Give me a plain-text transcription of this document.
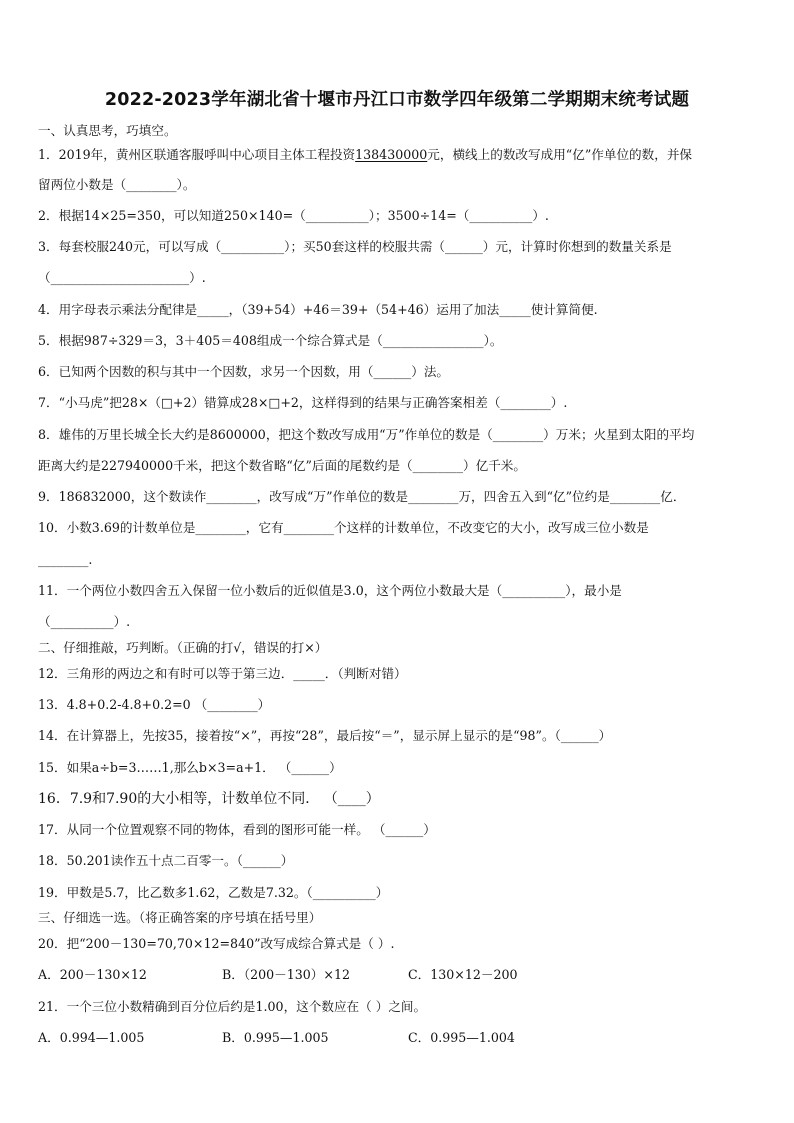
2022-2023学年湖北省十堰市丹江口市数学四年级第二学期期末统考试题
一、认真思考，巧填空。
1．2019年，黄州区联通客服呼叫中心项目主体工程投资138430000元，横线上的数改写成用“亿”作单位的数，并保
留两位小数是（________）。
2．根据14×25=350，可以知道250×140=（__________）；3500÷14=（__________）.
3．每套校服240元，可以写成（__________）；买50套这样的校服共需（______）元，计算时你想到的数量关系是
（______________________）.
4．用字母表示乘法分配律是_____，（39+54）+46＝39+（54+46）运用了加法_____使计算简便.
5．根据987÷329＝3，3＋405＝408组成一个综合算式是（________________）。
6．已知两个因数的积与其中一个因数，求另一个因数，用（______）法。
7．“小马虎”把28×（□+2）错算成28×□+2，这样得到的结果与正确答案相差（________）.
8．雄伟的万里长城全长大约是8600000，把这个数改写成用“万”作单位的数是（________）万米；火星到太阳的平均
距离大约是227940000千米，把这个数省略“亿”后面的尾数约是（________）亿千米。
9．186832000，这个数读作________，改写成“万”作单位的数是________万，四舍五入到“亿”位约是________亿．
10．小数3.69的计数单位是________，它有________个这样的计数单位，不改变它的大小，改写成三位小数是
________.
11．一个两位小数四舍五入保留一位小数后的近似值是3.0，这个两位小数最大是（__________），最小是
（__________）.
二、仔细推敲，巧判断。（正确的打√，错误的打×）
12．三角形的两边之和有时可以等于第三边．_____．（判断对错）
13．4.8+0.2-4.8+0.2=0 （________）
14．在计算器上，先按35，接着按“×”，再按“28”，最后按“＝”，显示屏上显示的是“98”。（______）
15．如果a÷b=3……1,那么b×3=a+1． （______）
16．7.9和7.90的大小相等，计数单位不同． （____）
17．从同一个位置观察不同的物体，看到的图形可能一样。 （______）
18．50.201读作五十点二百零一。（______）
19．甲数是5.7，比乙数多1.62，乙数是7.32。（__________）
三、仔细选一选。（将正确答案的序号填在括号里）
20．把“200－130=70,70×12=840”改写成综合算式是（ ）.
A．200－130×12	B．（200－130）×12	C．130×12－200
21．一个三位小数精确到百分位后约是1.00，这个数应在（ ）之间。
A．0.994—1.005	B．0.995—1.005	C．0.995—1.004
